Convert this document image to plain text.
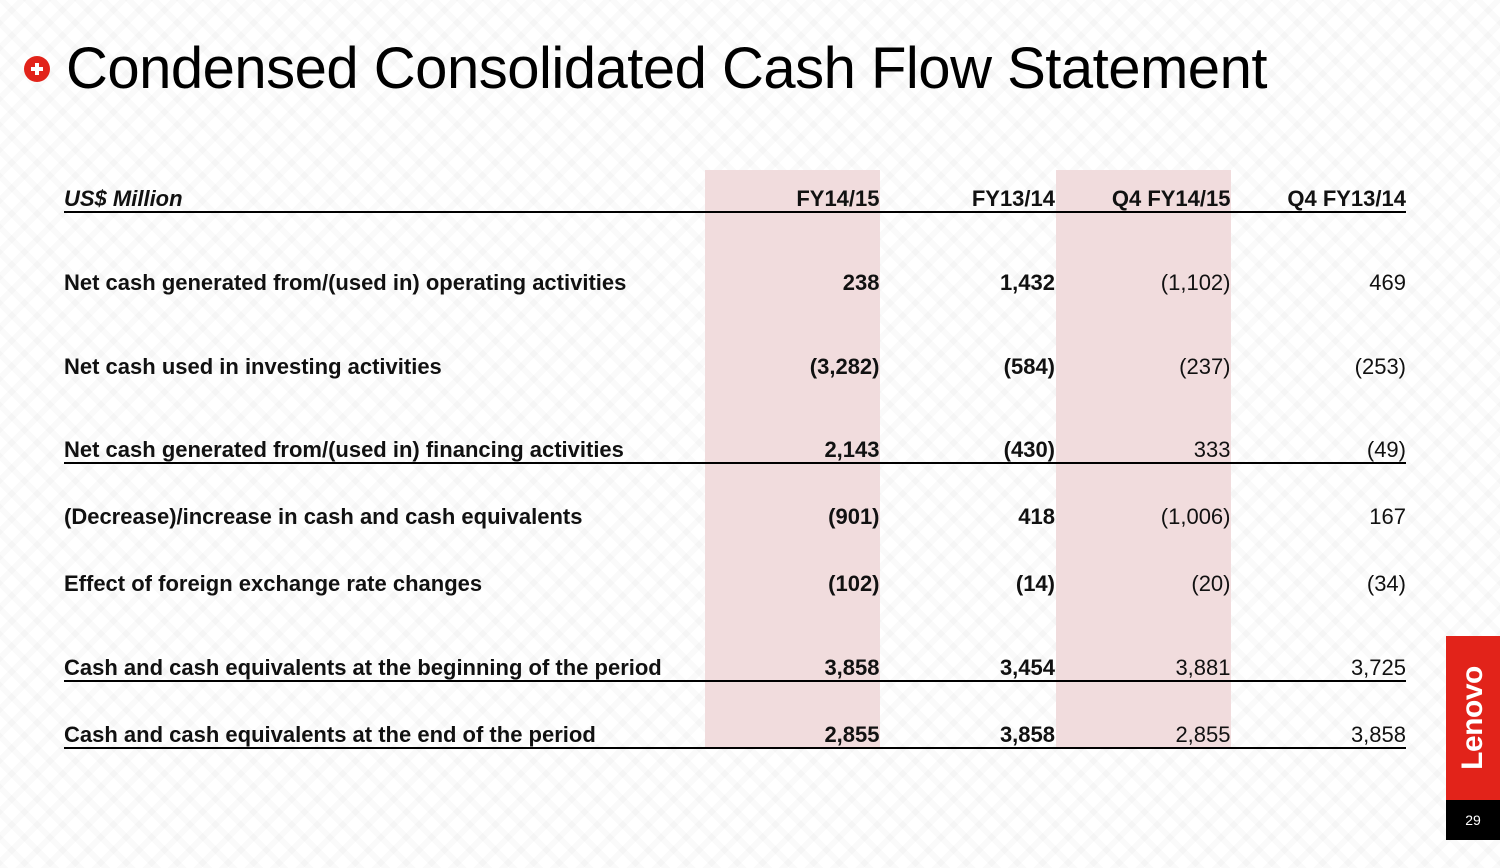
Condensed Consolidated Cash Flow Statement
US$ Million	FY14/15	FY13/14	Q4 FY14/15	Q4 FY13/14
Net cash generated from/(used in) operating activities	238	1,432	(1,102)	469
Net cash used in investing activities	(3,282)	(584)	(237)	(253)
Net cash generated from/(used in) financing activities	2,143	(430)	333	(49)
(Decrease)/increase in cash and cash equivalents	(901)	418	(1,006)	167
Effect of foreign exchange rate changes	(102)	(14)	(20)	(34)
Cash and cash equivalents at the beginning of the period	3,858	3,454	3,881	3,725
Cash and cash equivalents at the end of the period	2,855	3,858	2,855	3,858 Lenovo
29
